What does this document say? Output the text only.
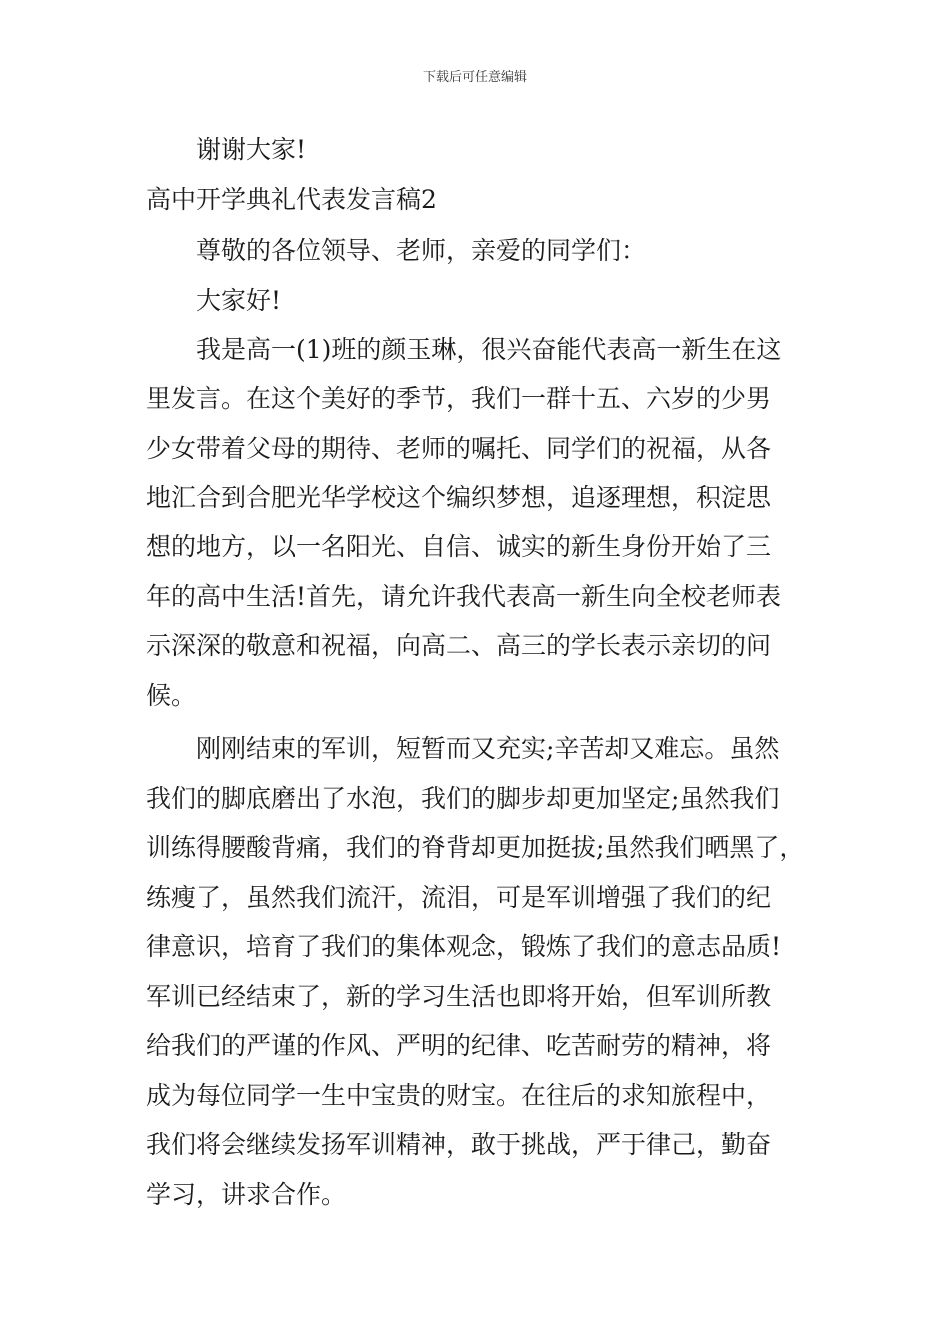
下载后可任意编辑
谢谢大家!
高中开学典礼代表发言稿2
尊敬的各位领导、老师，亲爱的同学们：
大家好!
我是高一(1)班的颜玉琳，很兴奋能代表高一新生在这
里发言。在这个美好的季节，我们一群十五、六岁的少男
少女带着父母的期待、老师的嘱托、同学们的祝福，从各
地汇合到合肥光华学校这个编织梦想，追逐理想，积淀思
想的地方，以一名阳光、自信、诚实的新生身份开始了三
年的高中生活!首先，请允许我代表高一新生向全校老师表
示深深的敬意和祝福，向高二、高三的学长表示亲切的问
候。
刚刚结束的军训，短暂而又充实;辛苦却又难忘。虽然
我们的脚底磨出了水泡，我们的脚步却更加坚定;虽然我们
训练得腰酸背痛，我们的脊背却更加挺拔;虽然我们晒黑了，
练瘦了，虽然我们流汗，流泪，可是军训增强了我们的纪
律意识，培育了我们的集体观念，锻炼了我们的意志品质!
军训已经结束了，新的学习生活也即将开始，但军训所教
给我们的严谨的作风、严明的纪律、吃苦耐劳的精神，将
成为每位同学一生中宝贵的财宝。在往后的求知旅程中，
我们将会继续发扬军训精神，敢于挑战，严于律己，勤奋
学习，讲求合作。
